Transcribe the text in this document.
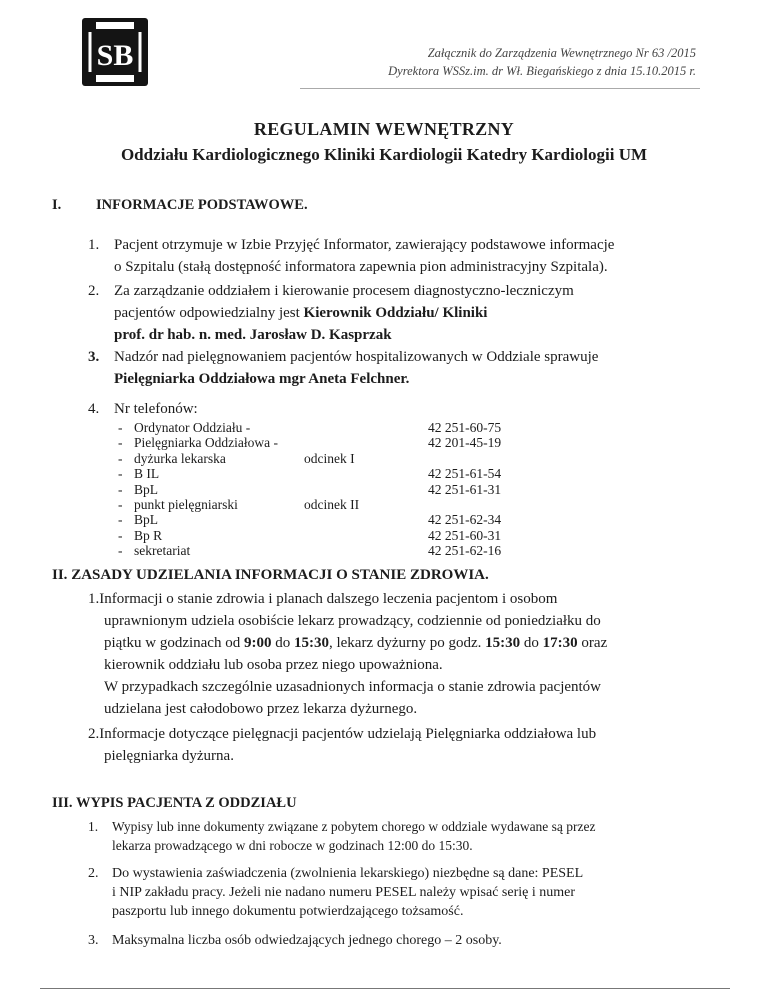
SB	Załącznik do Zarządzenia Wewnętrznego Nr 63 /2015
Dyrektora WSSz.im. dr Wł. Biegańskiego z dnia 15.10.2015 r.
REGULAMIN WEWNĘTRZNY
Oddziału Kardiologicznego Kliniki Kardiologii Katedry Kardiologii UM
I. INFORMACJE PODSTAWOWE.
1. Pacjent otrzymuje w Izbie Przyjęć Informator, zawierający podstawowe informacje
o Szpitalu (stałą dostępność informatora zapewnia pion administracyjny Szpitala).
2. Za zarządzanie oddziałem i kierowanie procesem diagnostyczno-leczniczym
pacjentów odpowiedzialny jest Kierownik Oddziału/ Kliniki
prof. dr hab. n. med. Jarosław D. Kasprzak
3. Nadzór nad pielęgnowaniem pacjentów hospitalizowanych w Oddziale sprawuje
Pielęgniarka Oddziałowa mgr Aneta Felchner.
4. Nr telefonów:
- Ordynator Oddziału -	42 251-60-75
- Pielęgniarka Oddziałowa -	42 201-45-19
- dyżurka lekarska	odcinek I
- B IL	42 251-61-54
- BpL	42 251-61-31
- punkt pielęgniarski	odcinek II
- BpL	42 251-62-34
- Bp R	42 251-60-31
- sekretariat	42 251-62-16
II. ZASADY UDZIELANIA INFORMACJI O STANIE ZDROWIA.
1.Informacji o stanie zdrowia i planach dalszego leczenia pacjentom i osobom
uprawnionym udziela osobiście lekarz prowadzący, codziennie od poniedziałku do
piątku w godzinach od 9:00 do 15:30, lekarz dyżurny po godz. 15:30 do 17:30 oraz
kierownik oddziału lub osoba przez niego upoważniona.
W przypadkach szczególnie uzasadnionych informacja o stanie zdrowia pacjentów
udzielana jest całodobowo przez lekarza dyżurnego.
2.Informacje dotyczące pielęgnacji pacjentów udzielają Pielęgniarka oddziałowa lub
pielęgniarka dyżurna.
III. WYPIS PACJENTA Z ODDZIAŁU
1. Wypisy lub inne dokumenty związane z pobytem chorego w oddziale wydawane są przez
lekarza prowadzącego w dni robocze w godzinach 12:00 do 15:30.
2. Do wystawienia zaświadczenia (zwolnienia lekarskiego) niezbędne są dane: PESEL
i NIP zakładu pracy. Jeżeli nie nadano numeru PESEL należy wpisać serię i numer
paszportu lub innego dokumentu potwierdzającego tożsamość.
3. Maksymalna liczba osób odwiedzających jednego chorego – 2 osoby.
